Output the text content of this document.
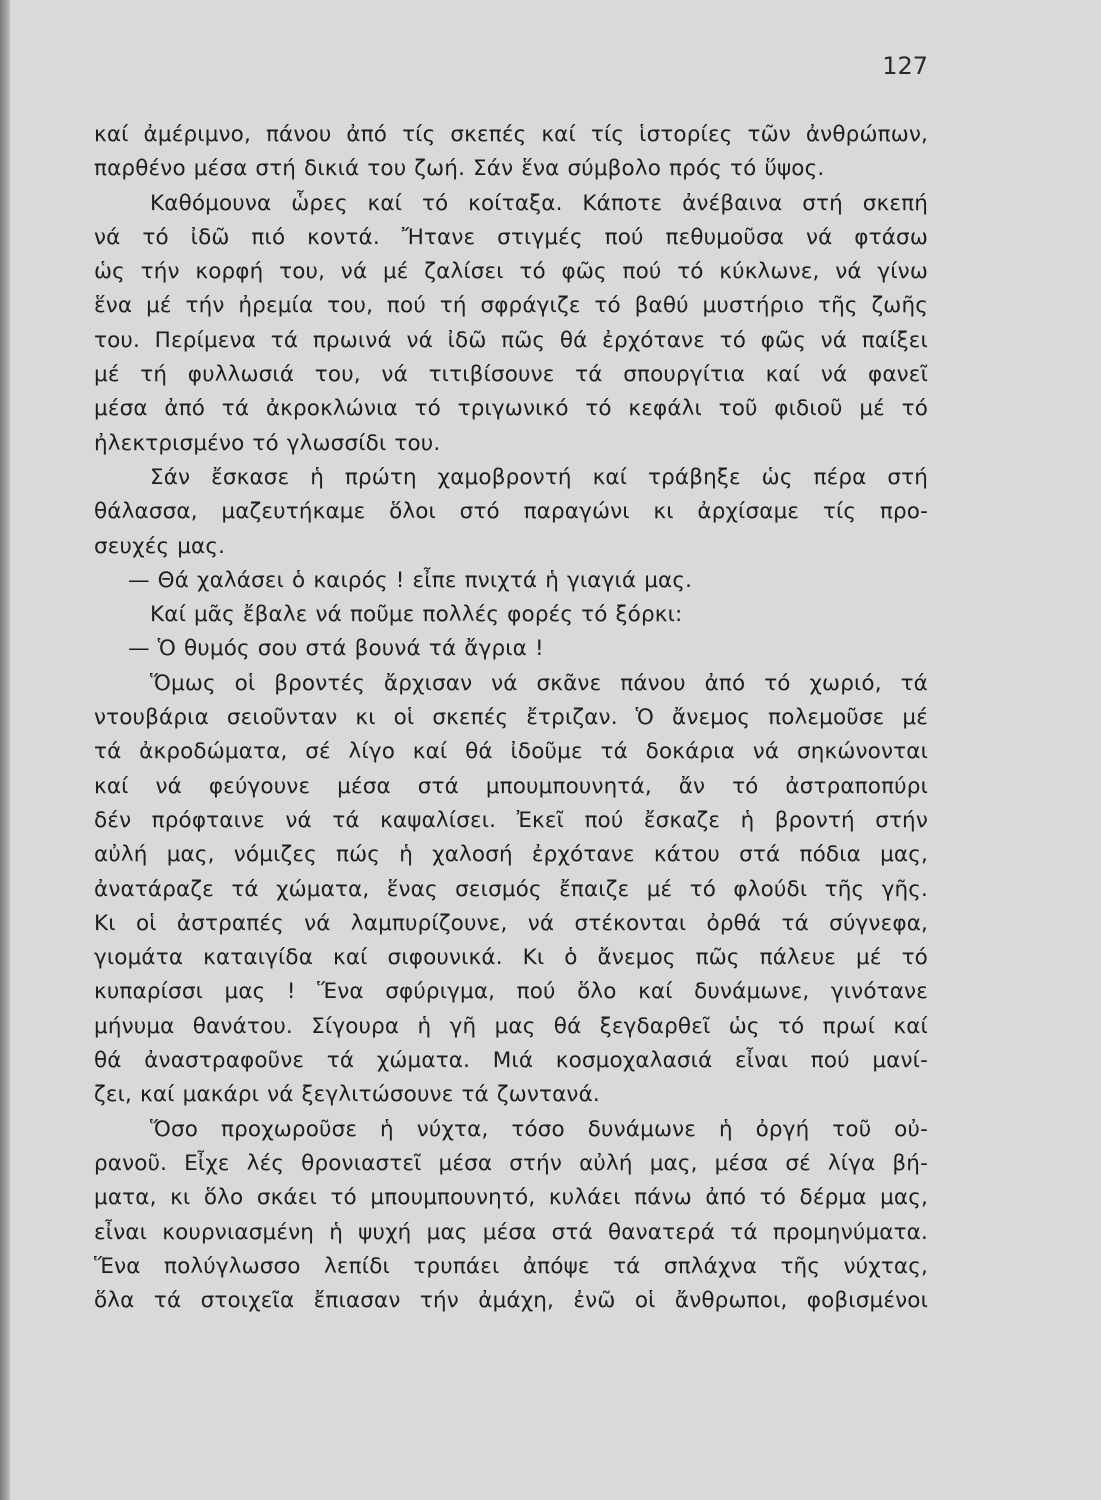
127
καί ἀμέριμνο, πάνου ἀπό τίς σκεπές καί τίς ἱστορίες τῶν ἀνθρώπων,
παρθένο μέσα στή δικιά του ζωή. Σάν ἕνα σύμβολο πρός τό ὕψος.
Καθόμουνα ὧρες καί τό κοίταξα. Κάποτε ἀνέβαινα στή σκεπή
νά τό ἰδῶ πιό κοντά. Ἤτανε στιγμές πού πεθυμοῦσα νά φτάσω
ὡς τήν κορφή του, νά μέ ζαλίσει τό φῶς πού τό κύκλωνε, νά γίνω
ἕνα μέ τήν ἠρεμία του, πού τή σφράγιζε τό βαθύ μυστήριο τῆς ζωῆς
του. Περίμενα τά πρωινά νά ἰδῶ πῶς θά ἐρχότανε τό φῶς νά παίξει
μέ τή φυλλωσιά του, νά τιτιβίσουνε τά σπουργίτια καί νά φανεῖ
μέσα ἀπό τά ἀκροκλώνια τό τριγωνικό τό κεφάλι τοῦ φιδιοῦ μέ τό
ἠλεκτρισμένο τό γλωσσίδι του.
Σάν ἔσκασε ἡ πρώτη χαμοβροντή καί τράβηξε ὡς πέρα στή
θάλασσα, μαζευτήκαμε ὅλοι στό παραγώνι κι ἀρχίσαμε τίς προ-
σευχές μας.
— Θά χαλάσει ὁ καιρός ! εἶπε πνιχτά ἡ γιαγιά μας.
Καί μᾶς ἔβαλε νά ποῦμε πολλές φορές τό ξόρκι:
— Ὁ θυμός σου στά βουνά τά ἄγρια !
Ὅμως οἱ βροντές ἄρχισαν νά σκᾶνε πάνου ἀπό τό χωριό, τά
ντουβάρια σειοῦνταν κι οἱ σκεπές ἔτριζαν. Ὁ ἄνεμος πολεμοῦσε μέ
τά ἀκροδώματα, σέ λίγο καί θά ἰδοῦμε τά δοκάρια νά σηκώνονται
καί νά φεύγουνε μέσα στά μπουμπουνητά, ἄν τό ἀστραποπύρι
δέν πρόφταινε νά τά καψαλίσει. Ἐκεῖ πού ἔσκαζε ἡ βροντή στήν
αὐλή μας, νόμιζες πώς ἡ χαλοσή ἐρχότανε κάτου στά πόδια μας,
ἀνατάραζε τά χώματα, ἕνας σεισμός ἔπαιζε μέ τό φλούδι τῆς γῆς.
Κι οἱ ἀστραπές νά λαμπυρίζουνε, νά στέκονται ὀρθά τά σύγνεφα,
γιομάτα καταιγίδα καί σιφουνικά. Κι ὁ ἄνεμος πῶς πάλευε μέ τό
κυπαρίσσι μας ! Ἕνα σφύριγμα, πού ὅλο καί δυνάμωνε, γινότανε
μήνυμα θανάτου. Σίγουρα ἡ γῆ μας θά ξεγδαρθεῖ ὡς τό πρωί καί
θά ἀναστραφοῦνε τά χώματα. Μιά κοσμοχαλασιά εἶναι πού μανί-
ζει, καί μακάρι νά ξεγλιτώσουνε τά ζωντανά.
Ὅσο προχωροῦσε ἡ νύχτα, τόσο δυνάμωνε ἡ ὀργή τοῦ οὐ-
ρανοῦ. Εἶχε λές θρονιαστεῖ μέσα στήν αὐλή μας, μέσα σέ λίγα βή-
ματα, κι ὅλο σκάει τό μπουμπουνητό, κυλάει πάνω ἀπό τό δέρμα μας,
εἶναι κουρνιασμένη ἡ ψυχή μας μέσα στά θανατερά τά προμηνύματα.
Ἕνα πολύγλωσσο λεπίδι τρυπάει ἀπόψε τά σπλάχνα τῆς νύχτας,
ὅλα τά στοιχεῖα ἔπιασαν τήν ἀμάχη, ἐνῶ οἱ ἄνθρωποι, φοβισμένοι
